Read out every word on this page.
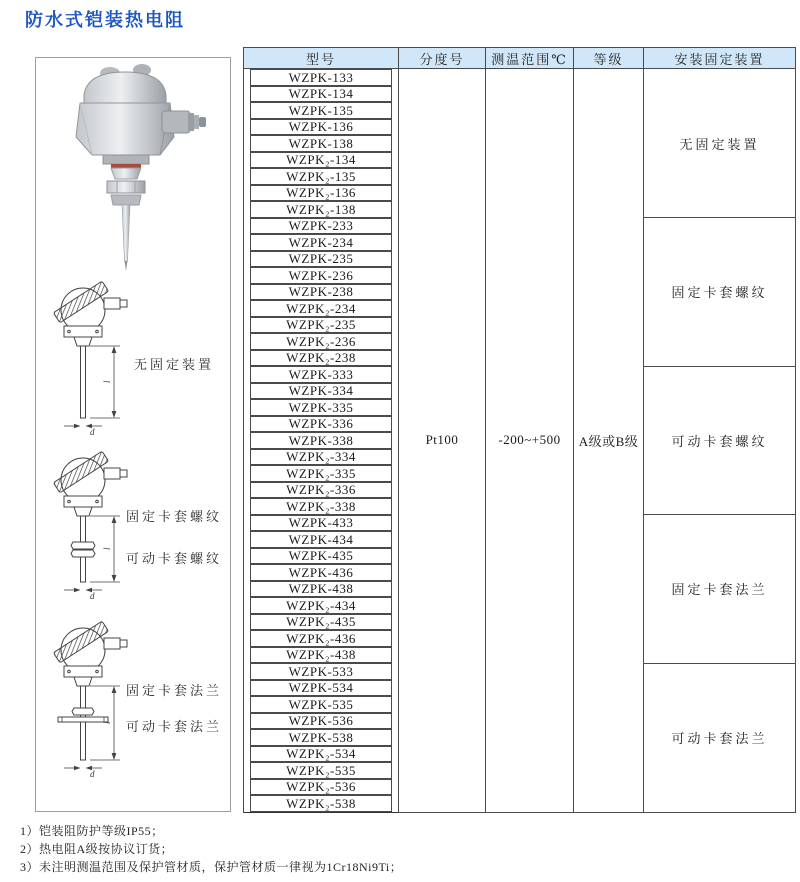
防水式铠装热电阻
l
d
l
d
l
d
无固定装置
固定卡套螺纹
可动卡套螺纹
固定卡套法兰
可动卡套法兰
型号	分度号	测温范围℃	等级	安装固定装置

WZPK-133	Pt100	-200~+500	A级或B级	无固定装置

WZPK-134				

WZPK-135				

WZPK-136				

WZPK-138				

WZPK₂-134				

WZPK₂-135				

WZPK₂-136				

WZPK₂-138				

WZPK-233				固定卡套螺纹

WZPK-234				

WZPK-235				

WZPK-236				

WZPK-238				

WZPK₂-234				

WZPK₂-235				

WZPK₂-236				

WZPK₂-238				

WZPK-333				可动卡套螺纹

WZPK-334				

WZPK-335				

WZPK-336				

WZPK-338				

WZPK₂-334				

WZPK₂-335				

WZPK₂-336				

WZPK₂-338				

WZPK-433				固定卡套法兰

WZPK-434				

WZPK-435				

WZPK-436				

WZPK-438				

WZPK₂-434				

WZPK₂-435				

WZPK₂-436				

WZPK₂-438				

WZPK-533				可动卡套法兰

WZPK-534				

WZPK-535				

WZPK-536				

WZPK-538				

WZPK₂-534				

WZPK₂-535				

WZPK₂-536				

WZPK₂-538				
1）铠装阻防护等级IP55；
2）热电阻A级按协议订货；
3）未注明测温范围及保护管材质，保护管材质一律视为1Cr18Ni9Ti；
